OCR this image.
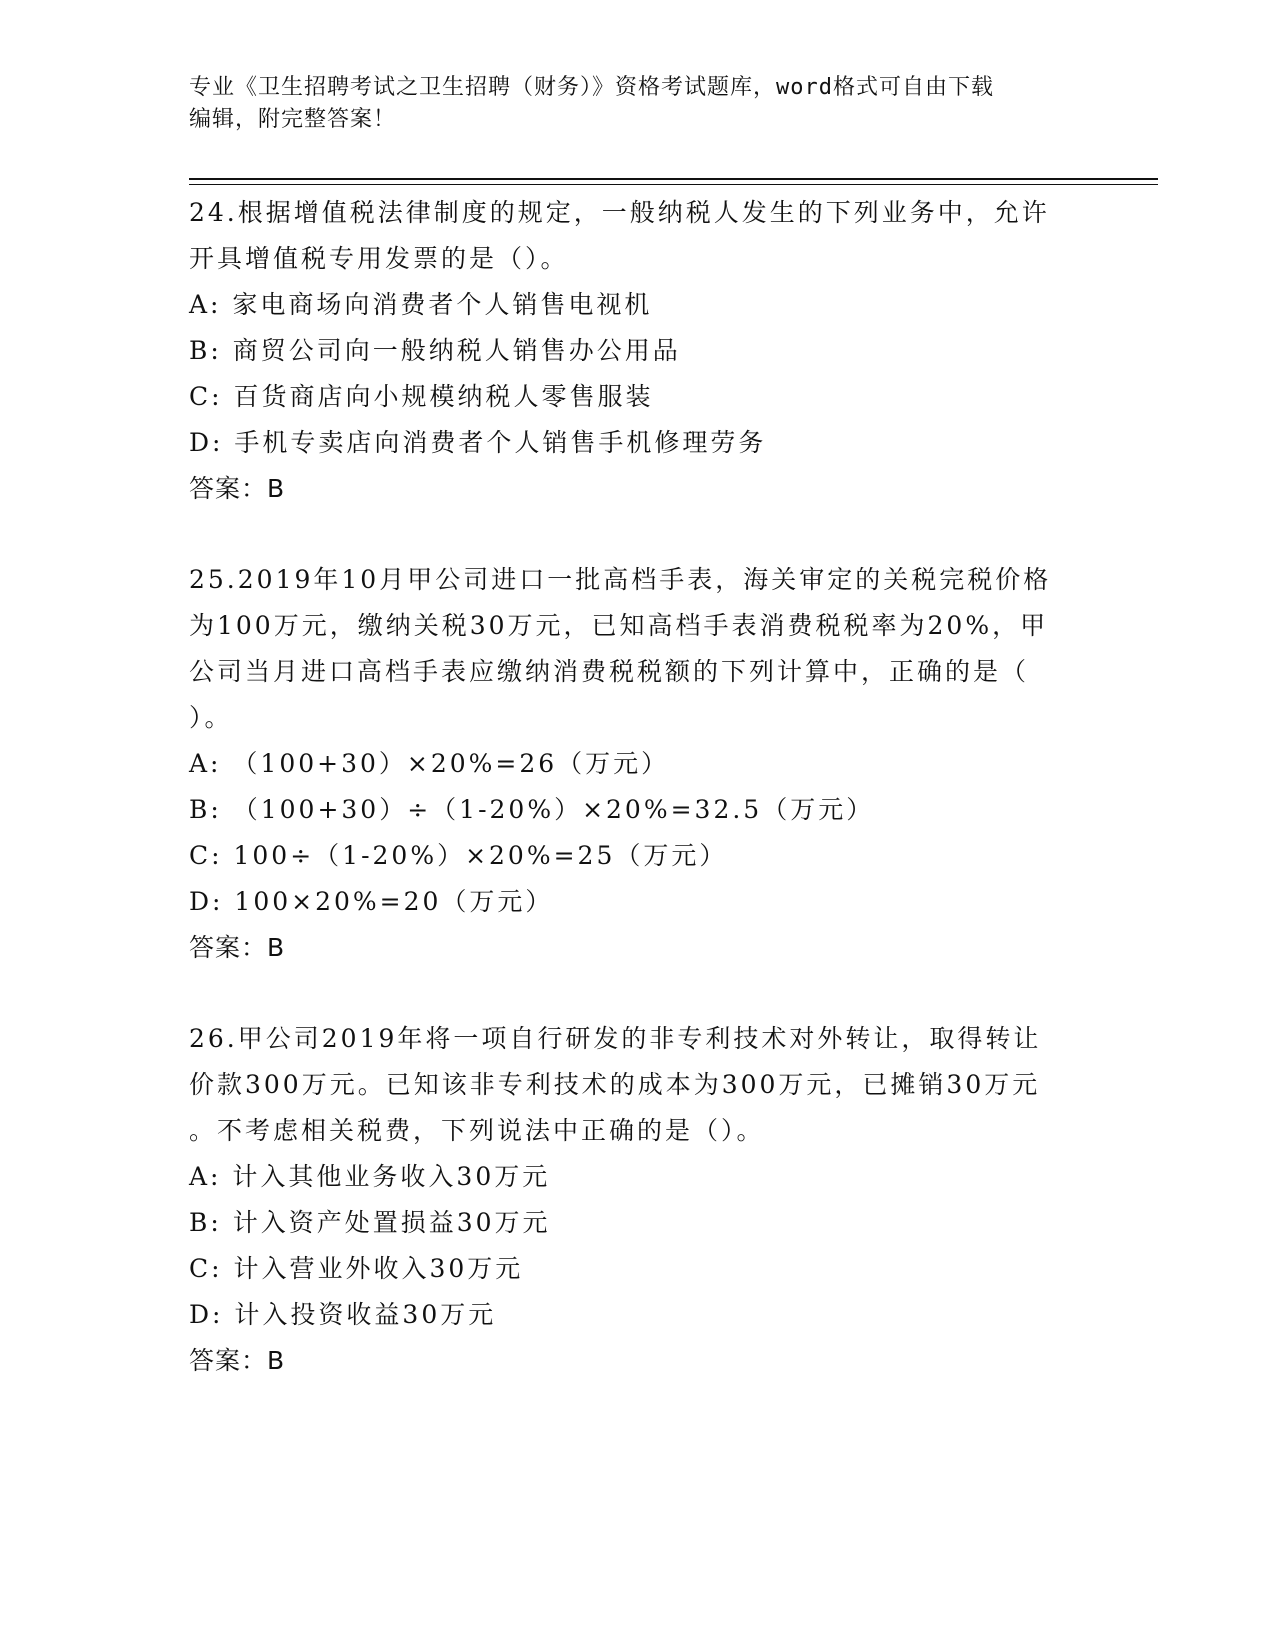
专业《卫生招聘考试之卫生招聘（财务）》资格考试题库，word格式可自由下载
编辑，附完整答案！
24.根据增值税法律制度的规定，一般纳税人发生的下列业务中，允许
开具增值税专用发票的是（）。
A: 家电商场向消费者个人销售电视机
B: 商贸公司向一般纳税人销售办公用品
C: 百货商店向小规模纳税人零售服装
D: 手机专卖店向消费者个人销售手机修理劳务
答案：B
25.2019年10月甲公司进口一批高档手表，海关审定的关税完税价格
为100万元，缴纳关税30万元，已知高档手表消费税税率为20%，甲
公司当月进口高档手表应缴纳消费税税额的下列计算中，正确的是（
）。
A: （100+30）×20%=26（万元）
B: （100+30）÷（1-20%）×20%=32.5（万元）
C: 100÷（1-20%）×20%=25（万元）
D: 100×20%=20（万元）
答案：B
26.甲公司2019年将一项自行研发的非专利技术对外转让，取得转让
价款300万元。已知该非专利技术的成本为300万元，已摊销30万元
。不考虑相关税费，下列说法中正确的是（）。
A: 计入其他业务收入30万元
B: 计入资产处置损益30万元
C: 计入营业外收入30万元
D: 计入投资收益30万元
答案：B
